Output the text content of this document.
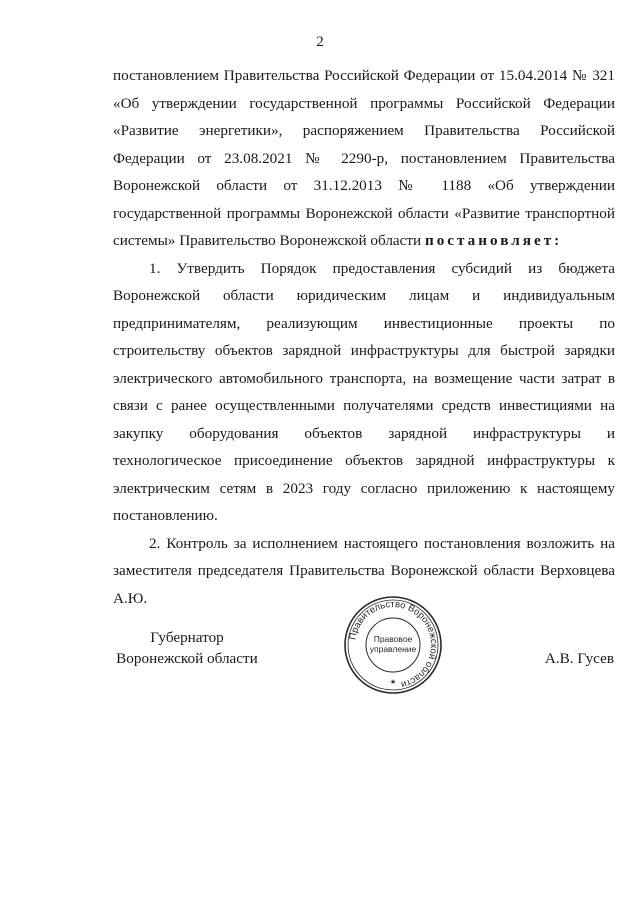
2

постановлением Правительства Российской Федерации от 15.04.2014 № 321 «Об утверждении государственной программы Российской Федерации «Развитие энергетики», распоряжением Правительства Российской Федерации от 23.08.2021 № 2290-р, постановлением Правительства Воронежской области от 31.12.2013 № 1188 «Об утверждении государственной программы Воронежской области «Развитие транспортной системы» Правительство Воронежской области постановляет:

1. Утвердить Порядок предоставления субсидий из бюджета Воронежской области юридическим лицам и индивидуальным предпринимателям, реализующим инвестиционные проекты по строительству объектов зарядной инфраструктуры для быстрой зарядки электрического автомобильного транспорта, на возмещение части затрат в связи с ранее осуществленными получателями средств инвестициями на закупку оборудования объектов зарядной инфраструктуры и технологическое присоединение объектов зарядной инфраструктуры к электрическим сетям в 2023 году согласно приложению к настоящему постановлению.

2. Контроль за исполнением настоящего постановления возложить на заместителя председателя Правительства Воронежской области Верховцева А.Ю.

Губернатор
Воронежской области
Правительство Воронежской области
Правовое
управление
★
А.В. Гусев
